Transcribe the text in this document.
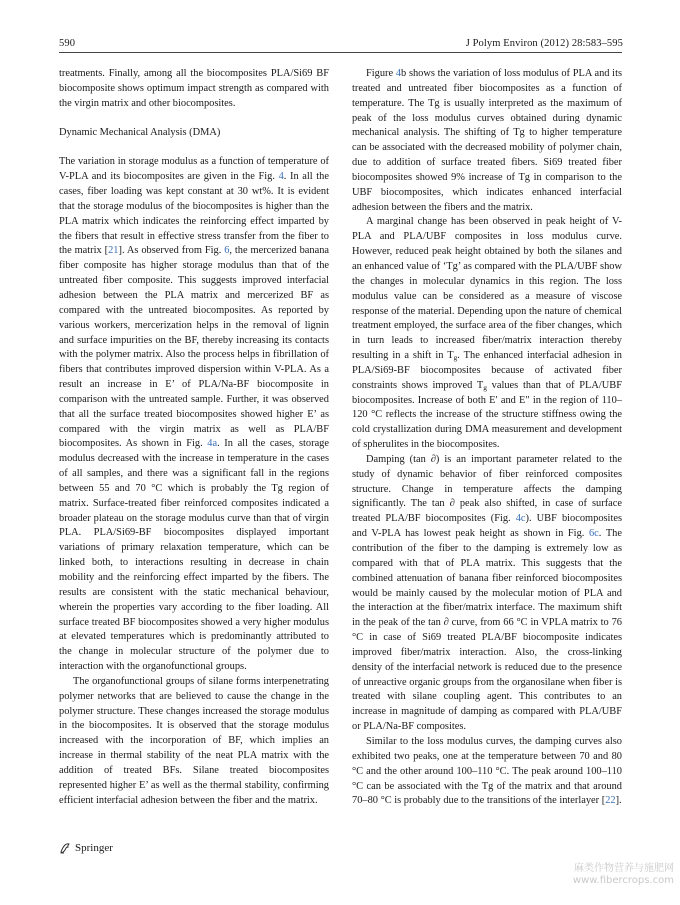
590	J Polym Environ (2012) 28:583–595

treatments. Finally, among all the biocomposites PLA/Si69 BF biocomposite shows optimum impact strength as compared with the virgin matrix and other biocomposites.

Dynamic Mechanical Analysis (DMA)

The variation in storage modulus as a function of temperature of V-PLA and its biocomposites are given in the Fig. 4. In all the cases, fiber loading was kept constant at 30 wt%. It is evident that the storage modulus of the biocomposites is higher than the PLA matrix which indicates the reinforcing effect imparted by the fibers that result in effective stress transfer from the fiber to the matrix [21]. As observed from Fig. 6, the mercerized banana fiber composite has higher storage modulus than that of the untreated fiber composite. This suggests improved interfacial adhesion between the PLA matrix and mercerized BF as compared with the untreated biocomposites. As reported by various workers, mercerization helps in the removal of lignin and surface impurities on the BF, thereby increasing its contacts with the polymer matrix. Also the process helps in fibrillation of fibers that contributes improved dispersion within V-PLA. As a result an increase in E’ of PLA/Na-BF biocomposite in comparison with the untreated sample. Further, it was observed that all the surface treated biocomposites showed higher E’ as compared with the virgin matrix as well as PLA/BF biocomposites. As shown in Fig. 4a. In all the cases, storage modulus decreased with the increase in temperature in the cases of all samples, and there was a significant fall in the regions between 55 and 70 °C which is probably the Tg region of matrix. Surface-treated fiber reinforced composites indicated a broader plateau on the storage modulus curve than that of virgin PLA. PLA/Si69-BF biocomposites displayed important variations of primary relaxation temperature, which can be linked both, to interactions resulting in decrease in chain mobility and the reinforcing effect imparted by the fibers. The results are consistent with the static mechanical behaviour, wherein the properties vary according to the fiber loading. All surface treated BF biocomposites showed a very higher modulus at elevated temperatures which is predominantly attributed to the change in molecular structure of the polymer due to interaction with the organofunctional groups.

The organofunctional groups of silane forms interpenetrating polymer networks that are believed to cause the change in the polymer structure. These changes increased the storage modulus in the biocomposites. It is observed that the storage modulus increased with the incorporation of BF, which implies an increase in thermal stability of the neat PLA matrix with the addition of treated BFs. Silane treated biocomposites represented higher E’ as well as the thermal stability, confirming efficient interfacial adhesion between the fiber and the matrix.

Figure 4b shows the variation of loss modulus of PLA and its treated and untreated fiber biocomposites as a function of temperature. The Tg is usually interpreted as the maximum of peak of the loss modulus curves obtained during dynamic mechanical analysis. The shifting of Tg to higher temperature can be associated with the decreased mobility of polymer chain, due to addition of surface treated fibers. Si69 treated fiber biocomposites showed 9% increase of Tg in comparison to the UBF biocomposites, which indicates enhanced interfacial adhesion between the fibers and the matrix.

A marginal change has been observed in peak height of V-PLA and PLA/UBF composites in loss modulus curve. However, reduced peak height obtained by both the silanes and an enhanced value of ‘Tg’ as compared with the PLA/UBF show the changes in molecular dynamics in this region. The loss modulus value can be considered as a measure of viscose response of the material. Depending upon the nature of chemical treatment employed, the surface area of the fiber changes, which in turn leads to increased fiber/matrix interaction thereby resulting in a shift in $T_g$. The enhanced interfacial adhesion in PLA/Si69-BF biocomposites because of activated fiber constraints shows improved $T_g$ values than that of PLA/UBF biocomposites. Increase of both E′ and E″ in the region of 110–120 °C reflects the increase of the structure stiffness owing the cold crystallization during DMA measurement and development of spherulites in the biocomposites.

Damping (tan ∂) is an important parameter related to the study of dynamic behavior of fiber reinforced composites structure. Change in temperature affects the damping significantly. The tan ∂ peak also shifted, in case of surface treated PLA/BF biocomposites (Fig. 4c). UBF biocomposites and V-PLA has lowest peak height as shown in Fig. 6c. The contribution of the fiber to the damping is extremely low as compared with that of PLA matrix. This suggests that the combined attenuation of banana fiber reinforced biocomposites would be mainly caused by the molecular motion of PLA and the interaction at the fiber/matrix interface. The maximum shift in the peak of the tan ∂ curve, from 66 °C in VPLA matrix to 76 °C in case of Si69 treated PLA/BF biocomposite indicates improved fiber/matrix interaction. Also, the cross-linking density of the interfacial network is reduced due to the presence of unreactive organic groups from the organosilane when fiber is treated with silane coupling agent. This contributes to an increase in magnitude of damping as compared with PLA/UBF or PLA/Na-BF composites.

Similar to the loss modulus curves, the damping curves also exhibited two peaks, one at the temperature between 70 and 80 °C and the other around 100–110 °C. The peak around 100–110 °C can be associated with the Tg of the matrix and that around 70–80 °C is probably due to the transitions of the interlayer [22].

Springer
麻类作物营养与施肥网
www.fibercrops.com
